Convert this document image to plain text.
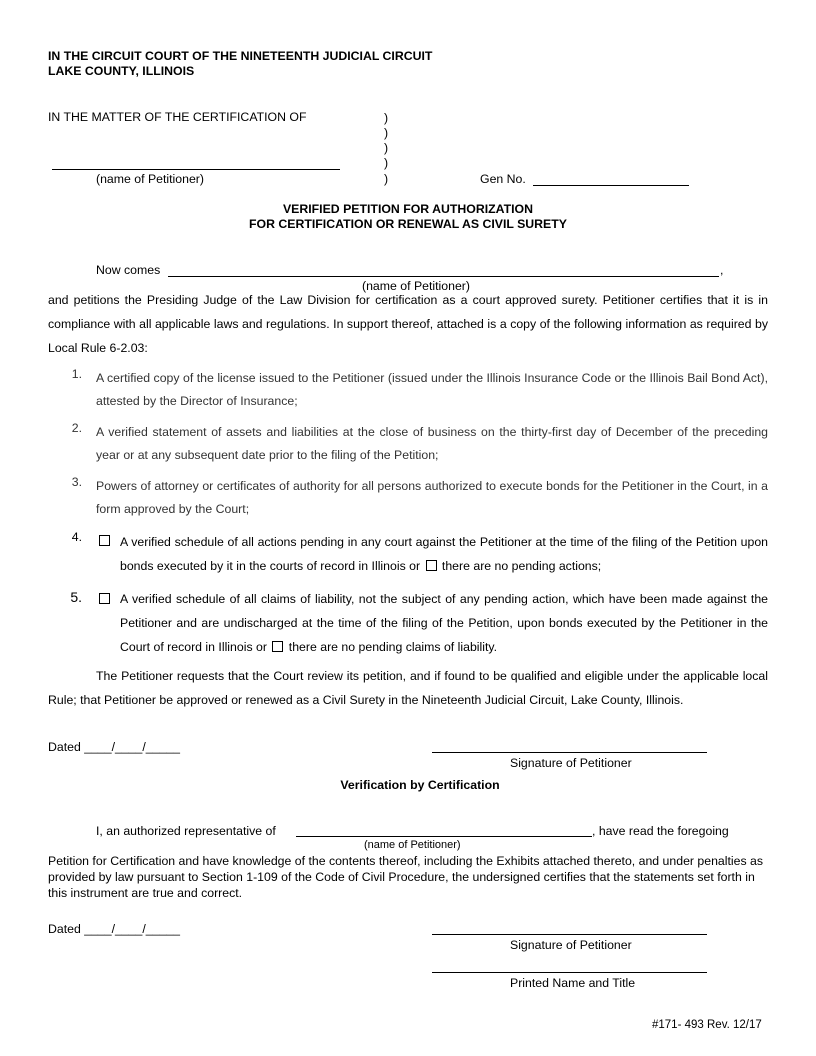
IN THE CIRCUIT COURT OF THE NINETEENTH JUDICIAL CIRCUIT
LAKE COUNTY, ILLINOIS
IN THE MATTER OF THE CERTIFICATION OF	)
)
)
)
)
(name of Petitioner)	Gen No.
VERIFIED PETITION FOR AUTHORIZATION
FOR CERTIFICATION OR RENEWAL AS CIVIL SURETY
Now comes	,
(name of Petitioner)
and petitions the Presiding Judge of the Law Division for certification as a court approved surety. Petitioner certifies that it is in compliance with all applicable laws and regulations. In support thereof, attached is a copy of the following information as required by Local Rule 6-2.03:
1. A certified copy of the license issued to the Petitioner (issued under the Illinois Insurance Code or the Illinois Bail Bond Act), attested by the Director of Insurance;
2. A verified statement of assets and liabilities at the close of business on the thirty-first day of December of the preceding year or at any subsequent date prior to the filing of the Petition;
3. Powers of attorney or certificates of authority for all persons authorized to execute bonds for the Petitioner in the Court, in a form approved by the Court;
4.	A verified schedule of all actions pending in any court against the Petitioner at the time of the filing of the Petition upon bonds executed by it in the courts of record in Illinois or there are no pending actions;
5.	A verified schedule of all claims of liability, not the subject of any pending action, which have been made against the Petitioner and are undischarged at the time of the filing of the Petition, upon bonds executed by the Petitioner in the Court of record in Illinois or there are no pending claims of liability.
The Petitioner requests that the Court review its petition, and if found to be qualified and eligible under the applicable local Rule; that Petitioner be approved or renewed as a Civil Surety in the Nineteenth Judicial Circuit, Lake County, Illinois.
Dated ____/____/_____
Signature of Petitioner
Verification by Certification
I, an authorized representative of	, have read the foregoing
(name of Petitioner)
Petition for Certification and have knowledge of the contents thereof, including the Exhibits attached thereto, and under penalties as provided by law pursuant to Section 1-109 of the Code of Civil Procedure, the undersigned certifies that the statements set forth in this instrument are true and correct.
Dated ____/____/_____
Signature of Petitioner
Printed Name and Title
#171- 493 Rev. 12/17
